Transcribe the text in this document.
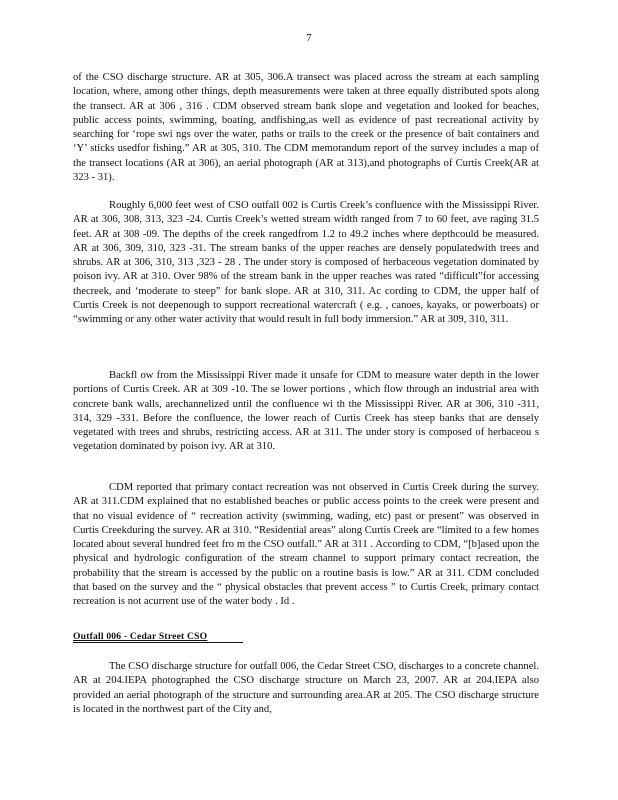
7

of the CSO discharge structure. AR at 305, 306.A transect was placed across the stream at each sampling location, where, among other things, depth measurements were taken at three equally distributed spots along the transect. AR at 306 , 316 . CDM observed stream bank slope and vegetation and looked for beaches, public access points, swimming, boating, andfishing,as well as evidence of past recreational activity by searching for ‘rope swi ngs over the water, paths or trails to the creek or the presence of bait containers and ‘Y’ sticks usedfor fishing.” AR at 305, 310. The CDM memorandum report of the survey includes a map of the transect locations (AR at 306), an aerial photograph (AR at 313),and photographs of Curtis Creek(AR at 323 - 31).

Roughly 6,000 feet west of CSO outfall 002 is Curtis Creek’s confluence with the Mississippi River. AR at 306, 308, 313, 323 -24. Curtis Creek’s wetted stream width ranged from 7 to 60 feet, ave raging 31.5 feet. AR at 308 -09. The depths of the creek rangedfrom 1.2 to 49.2 inches where depthcould be measured. AR at 306, 309, 310, 323 -31. The stream banks of the upper reaches are densely populatedwith trees and shrubs. AR at 306, 310, 313 ,323 - 28 . The under story is composed of herbaceous vegetation dominated by poison ivy. AR at 310. Over 98% of the stream bank in the upper reaches was rated “difficult”for accessing thecreek, and ‘moderate to steep” for bank slope. AR at 310, 311. Ac cording to CDM, the upper half of Curtis Creek is not deepenough to support recreational watercraft ( e.g. , canoes, kayaks, or powerboats) or “swimming or any other water activity that would result in full body immersion.” AR at 309, 310, 311.

Backfl ow from the Mississippi River made it unsafe for CDM to measure water depth in the lower portions of Curtis Creek. AR at 309 -10. The se lower portions , which flow through an industrial area with concrete bank walls, arechannelized until the confluence wi th the Mississippi River. AR at 306, 310 -311, 314, 329 -331. Before the confluence, the lower reach of Curtis Creek has steep banks that are densely vegetated with trees and shrubs, restricting access. AR at 311. The under story is composed of herbaceou s vegetation dominated by poison ivy. AR at 310.

CDM reported that primary contact recreation was not observed in Curtis Creek during the survey. AR at 311.CDM explained that no established beaches or public access points to the creek were present and that no visual evidence of “ recreation activity (swimming, wading, etc) past or present” was observed in Curtis Creekduring the survey. AR at 310. “Residential areas” along Curtis Creek are “limited to a few homes located about several hundred feet fro m the CSO outfall.” AR at 311 . According to CDM, “[b]ased upon the physical and hydrologic configuration of the stream channel to support primary contact recreation, the probability that the stream is accessed by the public on a routine basis is low.” AR at 311. CDM concluded that based on the survey and the “ physical obstacles that prevent access ” to Curtis Creek, primary contact recreation is not acurrent use of the water body . Id .

Outfall 006 - Cedar Street CSO

The CSO discharge structure for outfall 006, the Cedar Street CSO, discharges to a concrete channel. AR at 204.IEPA photographed the CSO discharge structure on March 23, 2007. AR at 204.IEPA also provided an aerial photograph of the structure and surrounding area.AR at 205. The CSO discharge structure is located in the northwest part of the City and,
